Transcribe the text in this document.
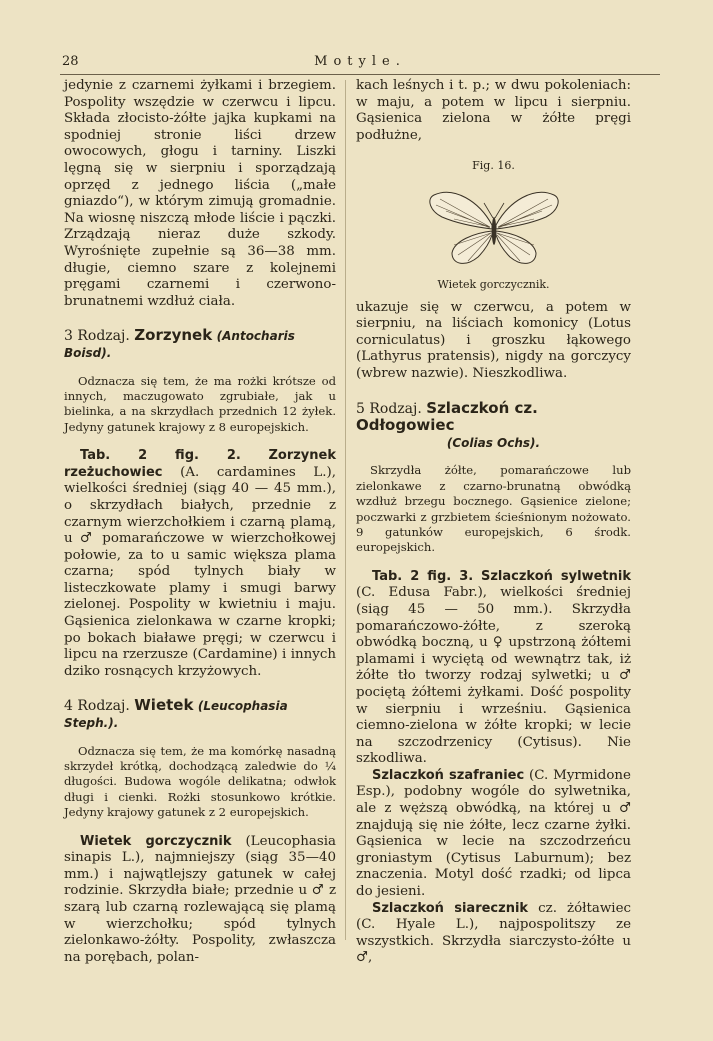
28	Motyle.

jedynie z czarnemi żyłkami i brzegiem. Pospolity wszędzie w czerwcu i lipcu. Składa złocisto-żółte jajka kupkami na spodniej stronie liści drzew owocowych, głogu i tarniny. Liszki lęgną się w sierpniu i sporządzają oprzęd z jednego liścia („małe gniazdo“), w którym zimują gromadnie. Na wiosnę niszczą młode liście i pączki. Zrządzają nieraz duże szkody. Wyrośnięte zupełnie są 36—38 mm. długie, ciemno szare z kolejnemi pręgami czarnemi i czerwono-brunatnemi wzdłuż ciała.

3 Rodzaj. Zorzynek (Antocharis Boisd).

Odznacza się tem, że ma rożki krótsze od innych, maczugowato zgrubiałe, jak u bielinka, a na skrzydłach przednich 12 żyłek. Jedyny gatunek krajowy z 8 europejskich.

Tab. 2 fig. 2. Zorzynek rzeżuchowiec (A. cardamines L.), wielkości średniej (siąg 40 — 45 mm.), o skrzydłach białych, przednie z czarnym wierzchołkiem i czarną plamą, u ♂ pomarańczowe w wierzchołkowej połowie, za to u samic większa plama czarna; spód tylnych biały w listeczkowate plamy i smugi barwy zielonej. Pospolity w kwietniu i maju. Gąsienica zielonkawa w czarne kropki; po bokach białawe pręgi; w czerwcu i lipcu na rzerzusze (Cardamine) i innych dziko rosnących krzyżowych.

4 Rodzaj. Wietek (Leucophasia Steph.).

Odznacza się tem, że ma komórkę nasadną skrzydeł krótką, dochodzącą zaledwie do ¼ długości. Budowa wogóle delikatna; odwłok długi i cienki. Rożki stosunkowo krótkie. Jedyny krajowy gatunek z 2 europejskich.

Wietek gorczycznik (Leucophasia sinapis L.), najmniejszy (siąg 35—40 mm.) i najwątlejszy gatunek w całej rodzinie. Skrzydła białe; przednie u ♂ z szarą lub czarną rozlewającą się plamą w wierzchołku; spód tylnych zielonkawo-żółty. Pospolity, zwłaszcza na porębach, polan-

kach leśnych i t. p.; w dwu pokoleniach: w maju, a potem w lipcu i sierpniu. Gąsienica zielona w żółte pręgi podłużne,

Fig. 16.
Wietek gorczycznik.

ukazuje się w czerwcu, a potem w sierpniu, na liściach komonicy (Lotus corniculatus) i groszku łąkowego (Lathyrus pratensis), nigdy na gorczycy (wbrew nazwie). Nieszkodliwa.

5 Rodzaj. Szlaczkoń cz. Odłogowiec
(Colias Ochs).

Skrzydła żółte, pomarańczowe lub zielonkawe z czarno-brunatną obwódką wzdłuż brzegu bocznego. Gąsienice zielone; poczwarki z grzbietem ścieśnionym nożowato. 9 gatunków europejskich, 6 środk. europejskich.

Tab. 2 fig. 3. Szlaczkoń sylwetnik (C. Edusa Fabr.), wielkości średniej (siąg 45 — 50 mm.). Skrzydła pomarańczowo-żółte, z szeroką obwódką boczną, u ♀ upstrzoną żółtemi plamami i wyciętą od wewnątrz tak, iż żółte tło tworzy rodzaj sylwetki; u ♂ pociętą żółtemi żyłkami. Dość pospolity w sierpniu i wrześniu. Gąsienica ciemno-zielona w żółte kropki; w lecie na szczodrzenicy (Cytisus). Nie szkodliwa.

Szlaczkoń szafraniec (C. Myrmidone Esp.), podobny wogóle do sylwetnika, ale z węższą obwódką, na której u ♂ znajdują się nie żółte, lecz czarne żyłki. Gąsienica w lecie na szczodrzeńcu groniastym (Cytisus Laburnum); bez znaczenia. Motyl dość rzadki; od lipca do jesieni.

Szlaczkoń siarecznik cz. żółtawiec (C. Hyale L.), najpospolitszy ze wszystkich. Skrzydła siarczysto-żółte u ♂,
